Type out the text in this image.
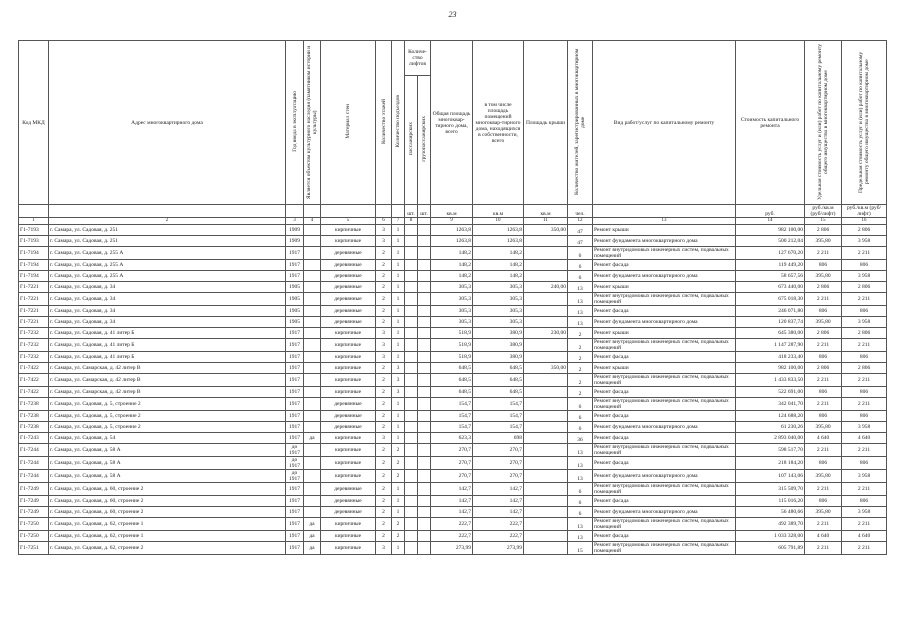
23
Код МКД	Адрес многоквартирного дома	Год ввода в эксплуатацию	Является объектом культурного наследия (памятником истории и культуры)	Материал стен	Количество этажей	Количество подъездов	Количе-ство лифтов		Общая площадь многоквар-тирного дома, всего	в том числе площадь помещений многоквар-тирного дома, находящихся в собственности, всего	Площадь крыши	Количество жителей, зарегистрированных в многоквартирном доме	Вид работ/услуг по капитальному ремонту	Стоимость капитального ремонта	Удельная стоимость услуг и (или) работ по капитальному ремонту общего имущества в многоквартирном доме	Предельная стоимость услуг и (или) работ по капитальному ремонту общего имущества в многоквартирном доме
							пассажирских	грузопассажирских								
							шт.	шт.	кв.м	кв.м	кв.м	чел.		руб.	руб./кв.м (руб/лифт)	руб./кв.м (руб/лифт)
1	2	3	4	5	6	7	8		9	10	11	12	13	14	15	16
Г1-7193	г. Самара, ул. Садовая, д. 251	1909		кирпичные	3	1			1263,8	1263,8	350,00	47	Ремонт крыши	982 100,00	2 806	2 806
Г1-7193	г. Самара, ул. Садовая, д. 251	1909		кирпичные	3	1			1263,8	1263,8		47	Ремонт фундамента многоквартирного дома	500 212,04	395,80	3 958
Г1-7194	г. Самара, ул. Садовая, д. 255 А	1917		деревянные	2	1			148,2	148,2		6	Ремонт внутридомовых инженерных систем, подвальных помещений	127 670,20	2 211	2 211
Г1-7194	г. Самара, ул. Садовая, д. 255 А	1917		деревянные	2	1			148,2	148,2		6	Ремонт фасада	119 449,20	806	806
Г1-7194	г. Самара, ул. Садовая, д. 255 А	1917		деревянные	2	1			148,2	148,2		6	Ремонт фундамента многоквартирного дома	58 657,56	395,80	3 958
Г1-7221	г. Самара, ул. Садовая, д. 34	1905		деревянные	2	1			305,3	305,3	240,00	13	Ремонт крыши	673 440,00	2 806	2 806
Г1-7221	г. Самара, ул. Садовая, д. 34	1905		деревянные	2	1			305,3	305,3		13	Ремонт внутридомовых инженерных систем, подвальных помещений	675 018,30	2 211	2 211
Г1-7221	г. Самара, ул. Садовая, д. 34	1905		деревянные	2	1			305,3	305,3		13	Ремонт фасада	246 071,80	806	806
Г1-7221	г. Самара, ул. Садовая, д. 34	1905		деревянные	2	1			305,3	305,3		13	Ремонт фундамента многоквартирного дома	120 837,74	395,80	3 958
Г1-7232	г. Самара, ул. Садовая, д. 41 литер Б	1917		кирпичные	3	1			518,9	380,9	230,00	2	Ремонт крыши	645 380,00	2 806	2 806
Г1-7232	г. Самара, ул. Садовая, д. 41 литер Б	1917		кирпичные	3	1			518,9	380,9		2	Ремонт внутридомовых инженерных систем, подвальных помещений	1 147 287,90	2 211	2 211
Г1-7232	г. Самара, ул. Садовая, д. 41 литер Б	1917		кирпичные	3	1			518,9	380,9		2	Ремонт фасада	418 233,40	806	806
Г1-7422	г. Самара, ул. Самарская, д. 42 литер В	1917		кирпичные	2	3			648,5	648,5	350,00	2	Ремонт крыши	982 100,00	2 806	2 806
Г1-7422	г. Самара, ул. Самарская, д. 42 литер В	1917		кирпичные	2	3			648,5	648,5		2	Ремонт внутридомовых инженерных систем, подвальных помещений	1 433 833,50	2 211	2 211
Г1-7422	г. Самара, ул. Самарская, д. 42 литер В	1917		кирпичные	2	3			648,5	648,5		2	Ремонт фасада	522 691,00	806	806
Г1-7238	г. Самара, ул. Садовая, д. 5, строение 2	1917		деревянные	2	1			154,7	154,7		6	Ремонт внутридомовых инженерных систем, подвальных помещений	342 041,70	2 211	2 211
Г1-7238	г. Самара, ул. Садовая, д. 5, строение 2	1917		деревянные	2	1			154,7	154,7		6	Ремонт фасада	124 688,20	806	806
Г1-7238	г. Самара, ул. Садовая, д. 5, строение 2	1917		деревянные	2	1			154,7	154,7		6	Ремонт фундамента многоквартирного дома	61 230,26	395,80	3 958
Г1-7243	г. Самара, ул. Садовая, д. 54	1917	да	кирпичные	3	1			623,3	698		36	Ремонт фасада	2 893 040,00	4 640	4 640
Г1-7244	г. Самара, ул. Садовая, д. 58 А	до 1917		кирпичные	2	2			270,7	270,7		13	Ремонт внутридомовых инженерных систем, подвальных помещений	598 517,70	2 211	2 211
Г1-7244	г. Самара, ул. Садовая, д. 58 А	до 1917		кирпичные	2	2			270,7	270,7		13	Ремонт фасада	218 184,20	806	806
Г1-7244	г. Самара, ул. Садовая, д. 58 А	до 1917		кирпичные	2	2			270,7	270,7		13	Ремонт фундамента многоквартирного дома	107 143,06	395,80	3 958
Г1-7249	г. Самара, ул. Садовая, д. 60, строение 2	1917		деревянные	2	1			142,7	142,7		6	Ремонт внутридомовых инженерных систем, подвальных помещений	315 509,70	2 211	2 211
Г1-7249	г. Самара, ул. Садовая, д. 60, строение 2	1917		деревянные	2	1			142,7	142,7		6	Ремонт фасада	115 016,20	806	806
Г1-7249	г. Самара, ул. Садовая, д. 60, строение 2	1917		деревянные	2	1			142,7	142,7		6	Ремонт фундамента многоквартирного дома	56 480,66	395,80	3 958
Г1-7250	г. Самара, ул. Садовая, д. 62, строение 1	1917	да	кирпичные	2	2			222,7	222,7		13	Ремонт внутридомовых инженерных систем, подвальных помещений	492 389,70	2 211	2 211
Г1-7250	г. Самара, ул. Садовая, д. 62, строение 1	1917	да	кирпичные	2	2			222,7	222,7		13	Ремонт фасада	1 033 328,00	4 640	4 640
Г1-7251	г. Самара, ул. Садовая, д. 62, строение 2	1917	да	кирпичные	3	1			273,99	273,99		15	Ремонт внутридомовых инженерных систем, подвальных помещений	605 791,89	2 211	2 211
